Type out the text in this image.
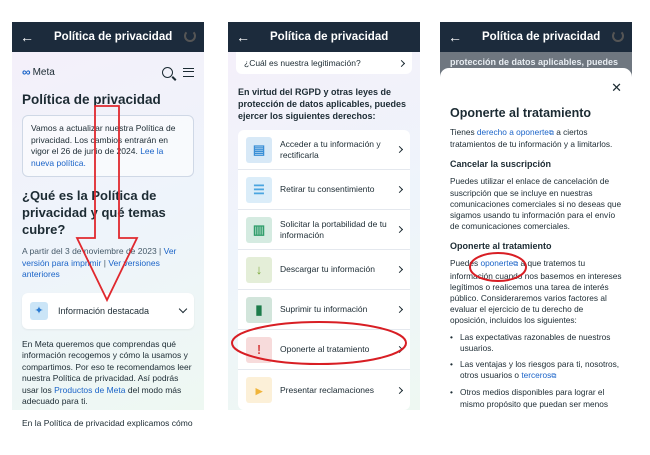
←	Política de privacidad
∞ Meta
Política de privacidad
Vamos a actualizar nuestra Política de privacidad. Los cambios entrarán en vigor el 26 de junio de 2024. Lee la nueva política.
¿Qué es la Política de privacidad y qué temas cubre?
A partir del 3 de noviembre de 2023 | Ver versión para imprimir | Ver versiones anteriores
✦	Información destacada
En Meta queremos que comprendas qué información recogemos y cómo la usamos y compartimos. Por eso te recomendamos leer nuestra Política de privacidad. Así podrás usar los Productos de Meta del modo más adecuado para ti.
En la Política de privacidad explicamos cómo
←	Política de privacidad
¿Cuál es nuestra legitimación?
En virtud del RGPD y otras leyes de protección de datos aplicables, puedes ejercer los siguientes derechos:
▤	Acceder a tu información y rectificarla
☰	Retirar tu consentimiento
▥	Solicitar la portabilidad de tu información
↓	Descargar tu información
▮	Suprimir tu información
!	Oponerte al tratamiento
▸	Presentar reclamaciones
←	Política de privacidad
protección de datos aplicables, puedes
✕
Oponerte al tratamiento
Tienes derecho a oponerte⧉ a ciertos tratamientos de tu información y a limitarlos.
Cancelar la suscripción
Puedes utilizar el enlace de cancelación de suscripción que se incluye en nuestras comunicaciones comerciales si no deseas que sigamos usando tu información para el envío de comunicaciones comerciales.
Oponerte al tratamiento
Puedes oponerte⧉ a que tratemos tu información cuando nos basemos en intereses legítimos o realicemos una tarea de interés público. Consideraremos varios factores al evaluar el ejercicio de tu derecho de oposición, incluidos los siguientes:
• Las expectativas razonables de nuestros usuarios.
• Las ventajas y los riesgos para ti, nosotros, otros usuarios o terceros⧉
• Otros medios disponibles para lograr el mismo propósito que puedan ser menos
